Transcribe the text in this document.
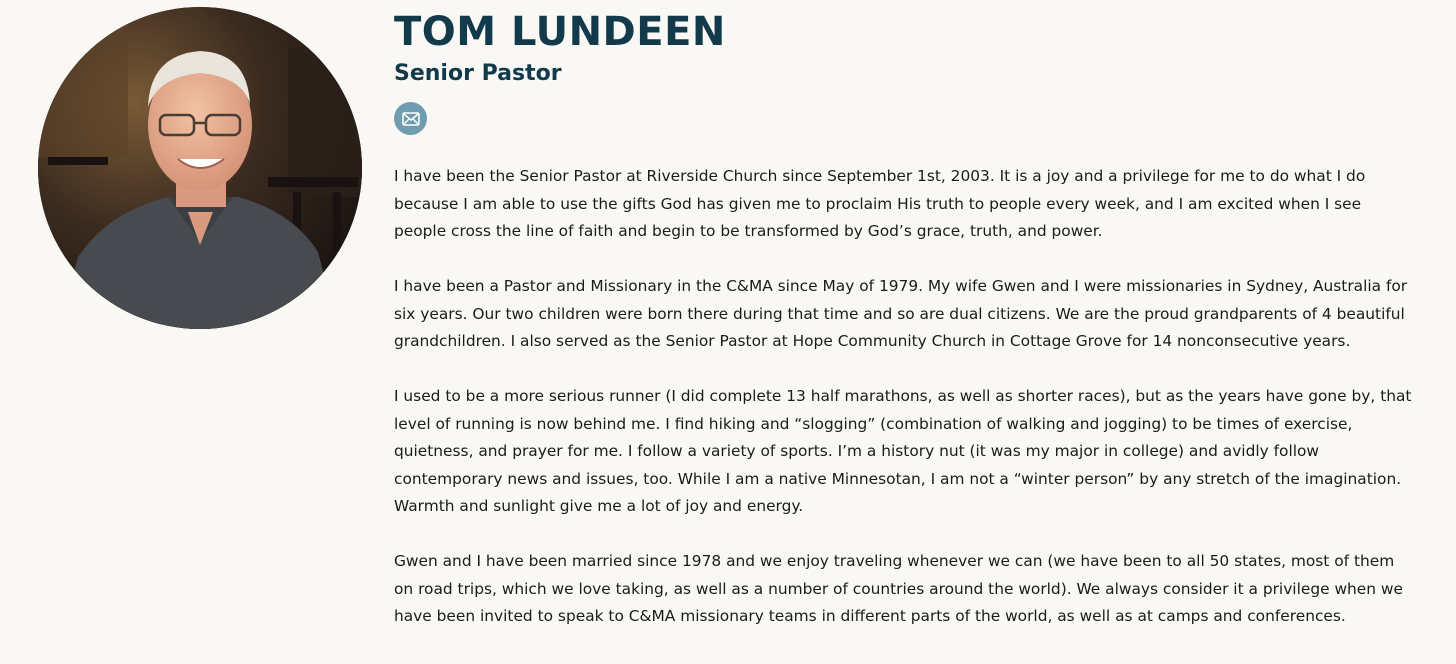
TOM LUNDEEN
Senior Pastor

I have been the Senior Pastor at Riverside Church since September 1st, 2003. It is a joy and a privilege for me to do what I do
because I am able to use the gifts God has given me to proclaim His truth to people every week, and I am excited when I see
people cross the line of faith and begin to be transformed by God’s grace, truth, and power.

I have been a Pastor and Missionary in the C&MA since May of 1979. My wife Gwen and I were missionaries in Sydney, Australia for
six years. Our two children were born there during that time and so are dual citizens. We are the proud grandparents of 4 beautiful
grandchildren. I also served as the Senior Pastor at Hope Community Church in Cottage Grove for 14 nonconsecutive years.

I used to be a more serious runner (I did complete 13 half marathons, as well as shorter races), but as the years have gone by, that
level of running is now behind me. I find hiking and “slogging” (combination of walking and jogging) to be times of exercise,
quietness, and prayer for me. I follow a variety of sports. I’m a history nut (it was my major in college) and avidly follow
contemporary news and issues, too. While I am a native Minnesotan, I am not a “winter person” by any stretch of the imagination.
Warmth and sunlight give me a lot of joy and energy.

Gwen and I have been married since 1978 and we enjoy traveling whenever we can (we have been to all 50 states, most of them
on road trips, which we love taking, as well as a number of countries around the world). We always consider it a privilege when we
have been invited to speak to C&MA missionary teams in different parts of the world, as well as at camps and conferences.
